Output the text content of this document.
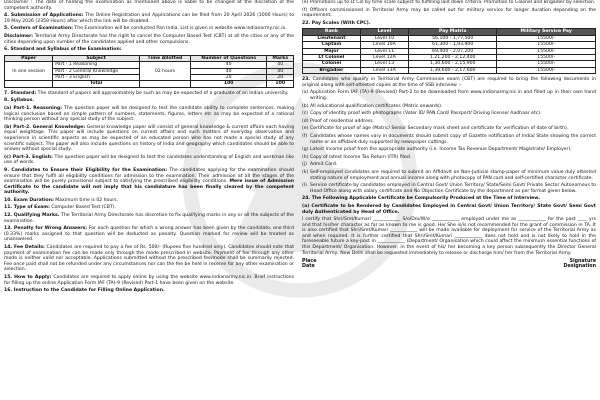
Disclaimer : The date of holding the examination as mentioned above is liable to be changed at the discretion of the competent authority.

4. Submission of Applications: The Online Registration and Applications can be filed from 20 April 2026 (1000 Hours) to 19 May 2026 (2359 Hours) after which the link will be disabled.

5. Centers of Examination: The Examination will be conducted Pan India. List is given in website www.indianarmy.nic.in.

Disclaimer: Territorial Army Directorate has the right to cancel the Computer Based Test (CBT) at all the cities or any of the cities depending upon number of the candidates applied and other compulsions.

6. Standard and Syllabus of the Examination:

Paper	Subject	Time Allotted	Number of Questions	Marks
In one session	Part - 1 Reasoning	02 hours	40	40
	Part - 2 General Knowledge		40	40
	Part - 3 English		20	20
	Total		100	100

7. Standard: The standard of papers will approximately be such as may be expected of a graduate of an Indian university.

8. Syllabus.

(a) Part-1. Reasoning: The question paper will be designed to test the candidate ability to complete sentences, making logical conclusion based on simple pattern of numbers, statements, figures, letters etc as may be expected of a rational thinking person without any special study of the subject.

(b) Part-2. General Knowledge: General knowledge paper will consist of general knowledge & current affairs each having equal weightage. This paper will include questions on current affairs and such matters of everyday observation and experience in scientific aspects as may be expected of an educated person who has not made a special study of any scientific subject. The paper will also include questions on history of India and geography which candidates should be able to answer without special study.

(c) Part-3. English: The question paper will be designed to test the candidates understanding of English and workman like use of words.

9. Candidates to Ensure their Eligibility for the Examination: The candidates applying for the examination should ensure that they fulfil all eligibility conditions for admission to the examination. Their admission at all the stages of the examination will be purely provisional subject to satisfying the prescribed eligibility conditions. Mere issue of Admission Certificate to the candidate will not imply that his candidature has been finally cleared by the competent authority.

10. Exam Duration: Maximum time is 02 hours.

11. Type of Exam: Computer Based Test (CBT).

12. Qualifying Marks. The Territorial Army Directorate has discretion to fix qualifying marks in any or all the subjects of the examination.

13. Penalty for Wrong Answers: For each question for which a wrong answer has been given by the candidate, one third (0.33%) marks assigned to that question will be deducted as penalty. Question marked for review will be treated as unanswered.

14. Fee Details: Candidates are required to pay a fee of Rs. 500/- (Rupees five hundred only). Candidates should note that payment of examination fee can be made only through the mode prescribed in website. Payment of fee through any other mode is neither valid nor acceptable. Applications submitted without the prescribed fee/mode shall be summarily rejected. Fee once paid shall not be refunded under any circumstances nor can the fee be held in reserve for any other examination or selection.

15. How to Apply: Candidates are required to apply online by using the website www.indianarmy.nic.in. Brief instructions for filling up the online Application Form IAF (TA)-9 (Revised) Part-1 have been given on the website.

16. Instruction to the Candidate for Filling Online Application.

(e) Promotions up to Lt Col by time scale subject to fulfilling laid down criteria. Promotion to Colonel and Brigadier by selection.

(f) Officers commissioned in Territorial Army may be called out for military service for longer duration depending on the requirement.

22. Pay Scales (With CPC).

Rank	Level	Pay Matrix	Military Service Pay
Lieutenant	Level 10	56,100 - 1,77,500	15500/-
Captain	Level 10A	61,300 - 1,93,900	15500/-
Major	Level 11	69,400 - 2,07,200	15500/-
Lt Colonel	Level 12A	1,21,200 - 2,12,400	15500/-
Colonel	Level 13	1,30,600 - 2,15,900	15500/-
Brigadier	Level 13A	1,39,600 - 2,17,600	15500/-

23. Candidates who qualify in Territorial Army Commission exam (CBT) are required to bring the following documents in original along with self-attested copies at the time of SSB interview :-

(a) Application Form IAF (TA)-9 (Revised) Part-2 to be downloaded from www.indianarmy.nic.in and filled up in their own hand writing.
(b) All educational qualification certificates (Matric onwards).
(c) Copy of identity proof with photographs (Voter ID/ PAN Card/ Passport/ Driving license/ Aadhaar etc).
(d) Proof of residential address.
(e) Certificate for proof of age (Matric/ Senior Secondary mark sheet and certificate for verification of date of birth).
(f) Candidates whose names vary in documents should submit copy of Gazette notification of India/ State showing the correct name or an affidavit duly supported by newspaper cuttings.
(g) Latest income proof from the appropriate authority (i.e. Income Tax Revenue Department/ Magistrate/ Employer).
(h) Copy of latest Income Tax Return (ITR) filed.
(j) Admit Card.
(k) Self-employed candidates are required to submit an Affidavit on Non-Judicial stamp-paper of minimum value duly attested stating nature of employment and annual income along with photocopy of PAN card and self-certified character certificate.
(l) Service certificate by candidates employed in Central Govt/ Union Territory/ State/Semi Govt/ Private Sector Autonomous to Head Office along with salary certificate and No Objection Certificate by the department as per format given below.

24. The Following Applicable Certificate be Compulsorily Produced at the Time of Interview.

(a) Certificate to be Rendered by Candidates Employed in Central Govt/ Union Territory/ State Govt/ Semi Govt duly Authenticated by Head of Office.

I certify that Shri/Smt/Kumari ____________ S/o/D/o/W/o ____________ employed under me as ____________ for the past ____ yrs and that his/her character as far as known to me is good. He/ She is/is not recommended for the grant of commission in TA. It is also certified that Shri/Smt/Kumari ____________ will be made available for deployment for service of the Territorial Army as and when required. It is further certified that Shri/Smt/Kumari ____________ does not hold and is not likely to hold in the foreseeable future a key-post in ____________ (Department/ Organisation which could affect the minimum essential functions of this Department/ Organisation. However, in the event of his/ her becoming a key person subsequently the Director General Territorial Army, New Delhi shall be requested immediately to release or discharge him/ her from the Territorial Army.

Place
Date
Signature
Designation
